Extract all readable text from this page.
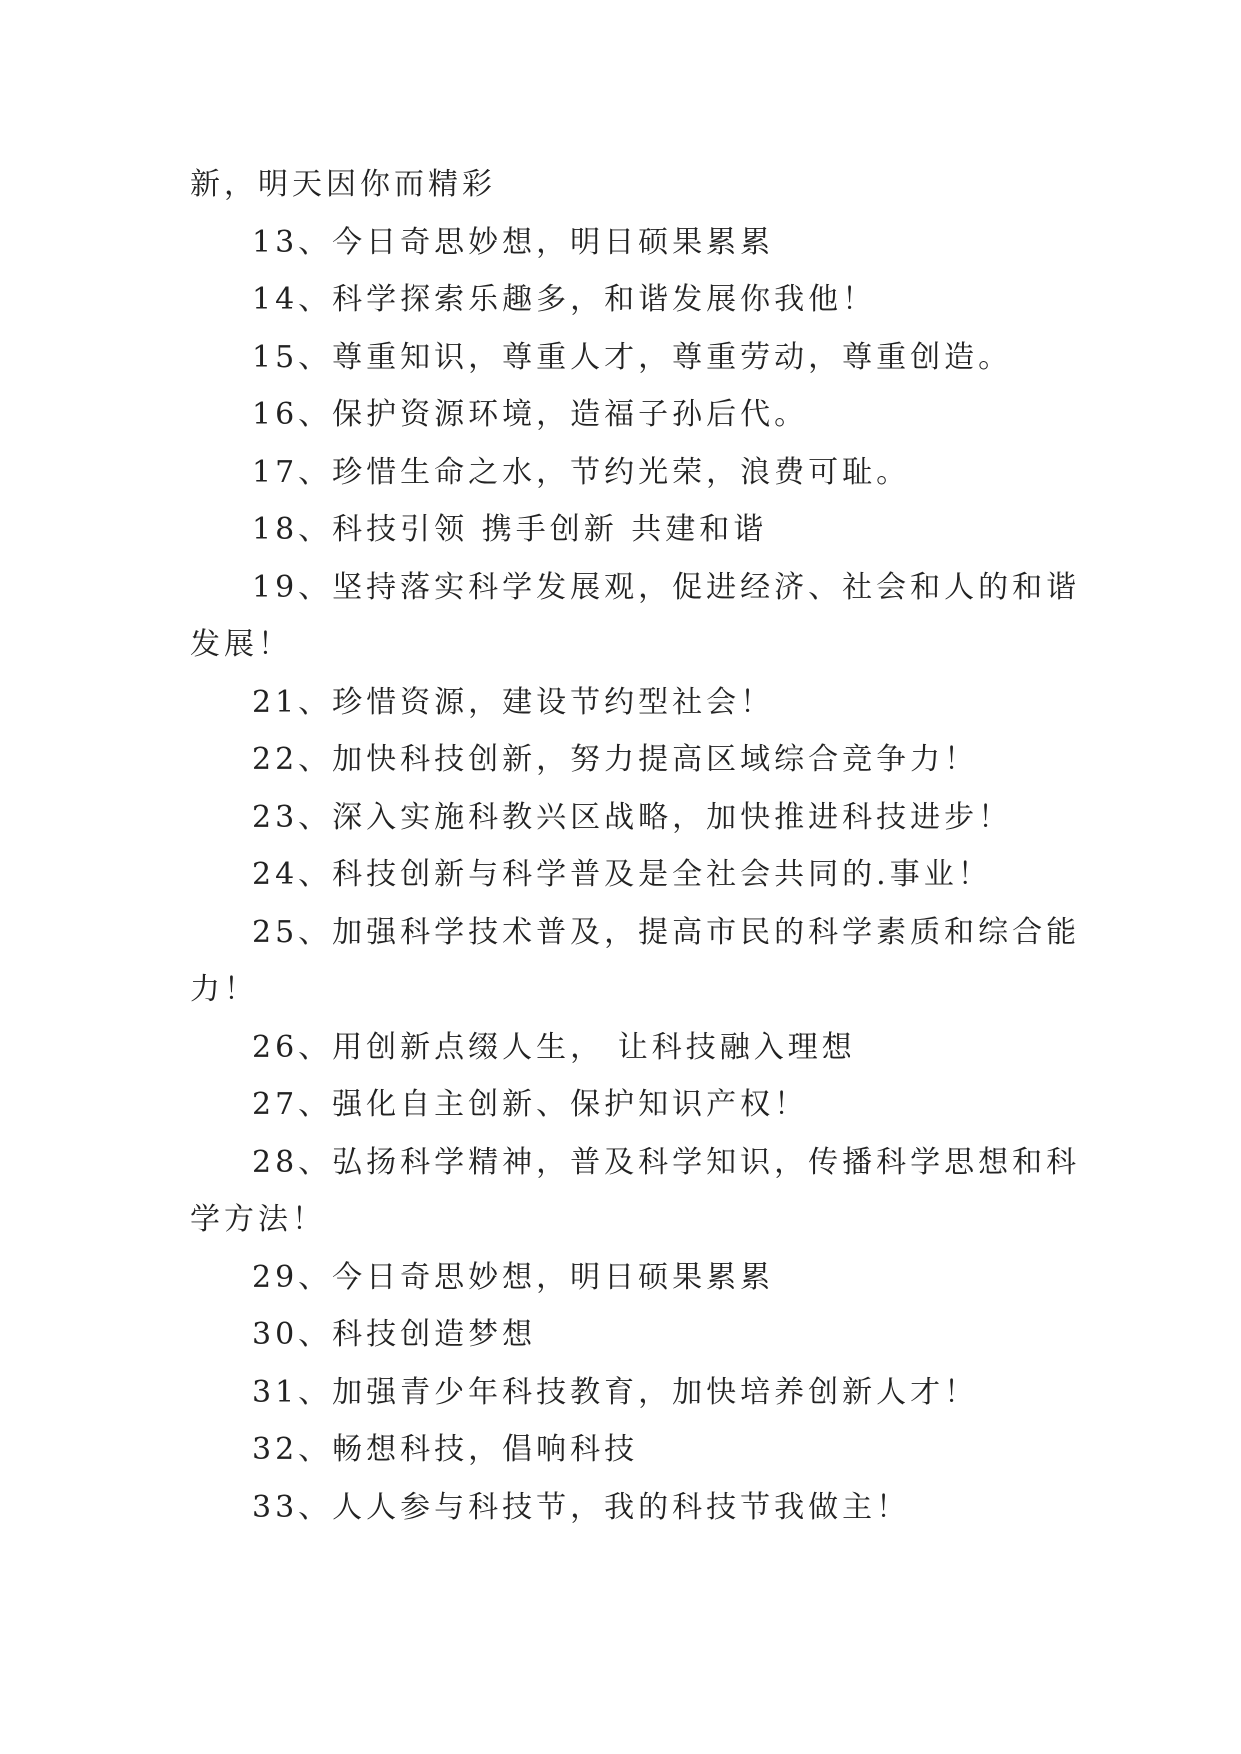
新，明天因你而精彩
13、今日奇思妙想，明日硕果累累
14、科学探索乐趣多，和谐发展你我他！
15、尊重知识，尊重人才，尊重劳动，尊重创造。
16、保护资源环境，造福子孙后代。
17、珍惜生命之水，节约光荣，浪费可耻。
18、科技引领 携手创新 共建和谐
19、坚持落实科学发展观，促进经济、社会和人的和谐
发展！
21、珍惜资源，建设节约型社会！
22、加快科技创新，努力提高区域综合竞争力！
23、深入实施科教兴区战略，加快推进科技进步！
24、科技创新与科学普及是全社会共同的.事业！
25、加强科学技术普及，提高市民的科学素质和综合能
力！
26、用创新点缀人生， 让科技融入理想
27、强化自主创新、保护知识产权！
28、弘扬科学精神，普及科学知识，传播科学思想和科
学方法！
29、今日奇思妙想，明日硕果累累
30、科技创造梦想
31、加强青少年科技教育，加快培养创新人才！
32、畅想科技，倡响科技
33、人人参与科技节，我的科技节我做主！
